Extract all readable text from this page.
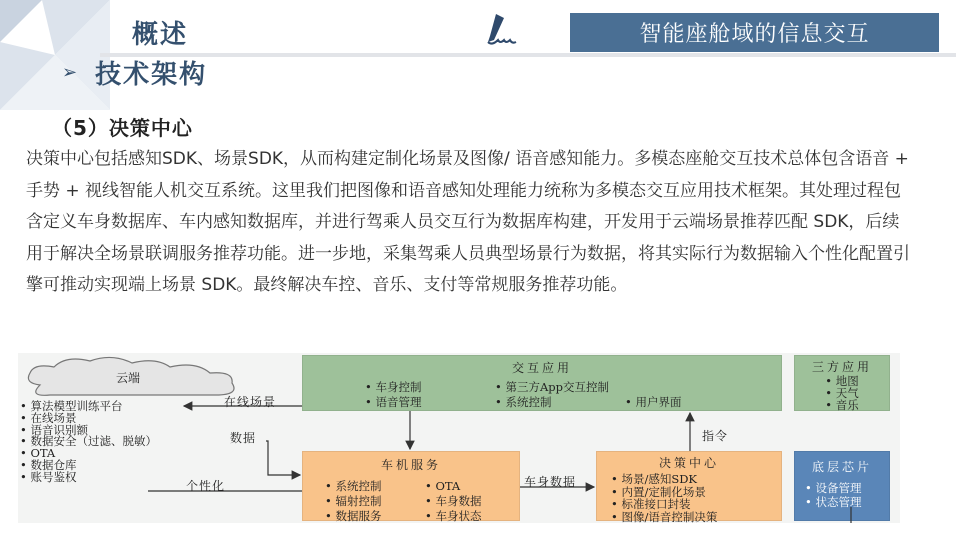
概述
➢ 技术架构
智能座舱域的信息交互
（5）决策中心
决策中心包括感知SDK、场景SDK，从而构建定制化场景及图像/ 语音感知能力。多模态座舱交互技术总体包含语音 + 手势 + 视线智能人机交互系统。这里我们把图像和语音感知处理能力统称为多模态交互应用技术框架。其处理过程包含定义车身数据库、车内感知数据库，并进行驾乘人员交互行为数据库构建，开发用于云端场景推荐匹配 SDK，后续用于解决全场景联调服务推荐功能。进一步地，采集驾乘人员典型场景行为数据，将其实际行为数据输入个性化配置引擎可推动实现端上场景 SDK。最终解决车控、音乐、支付等常规服务推荐功能。
云端
• 算法模型训练平台
• 在线场景
• 语音识别额
• 数据安全（过滤、脱敏）
• OTA
• 数据仓库
• 账号鉴权
交互应用
• 车身控制	• 第三方App交互控制
• 语音管理	• 系统控制	• 用户界面
三方应用
• 地图
• 天气
• 音乐
车机服务
• 系统控制	• OTA
• 辐射控制	• 车身数据
• 数据服务	• 车身状态
决策中心
• 场景/感知SDK
• 内置/定制化场景
• 标准接口封装
• 图像/语音控制决策
底层芯片
• 设备管理
• 状态管理
在线场景
数据
个性化	车身数据
指令
